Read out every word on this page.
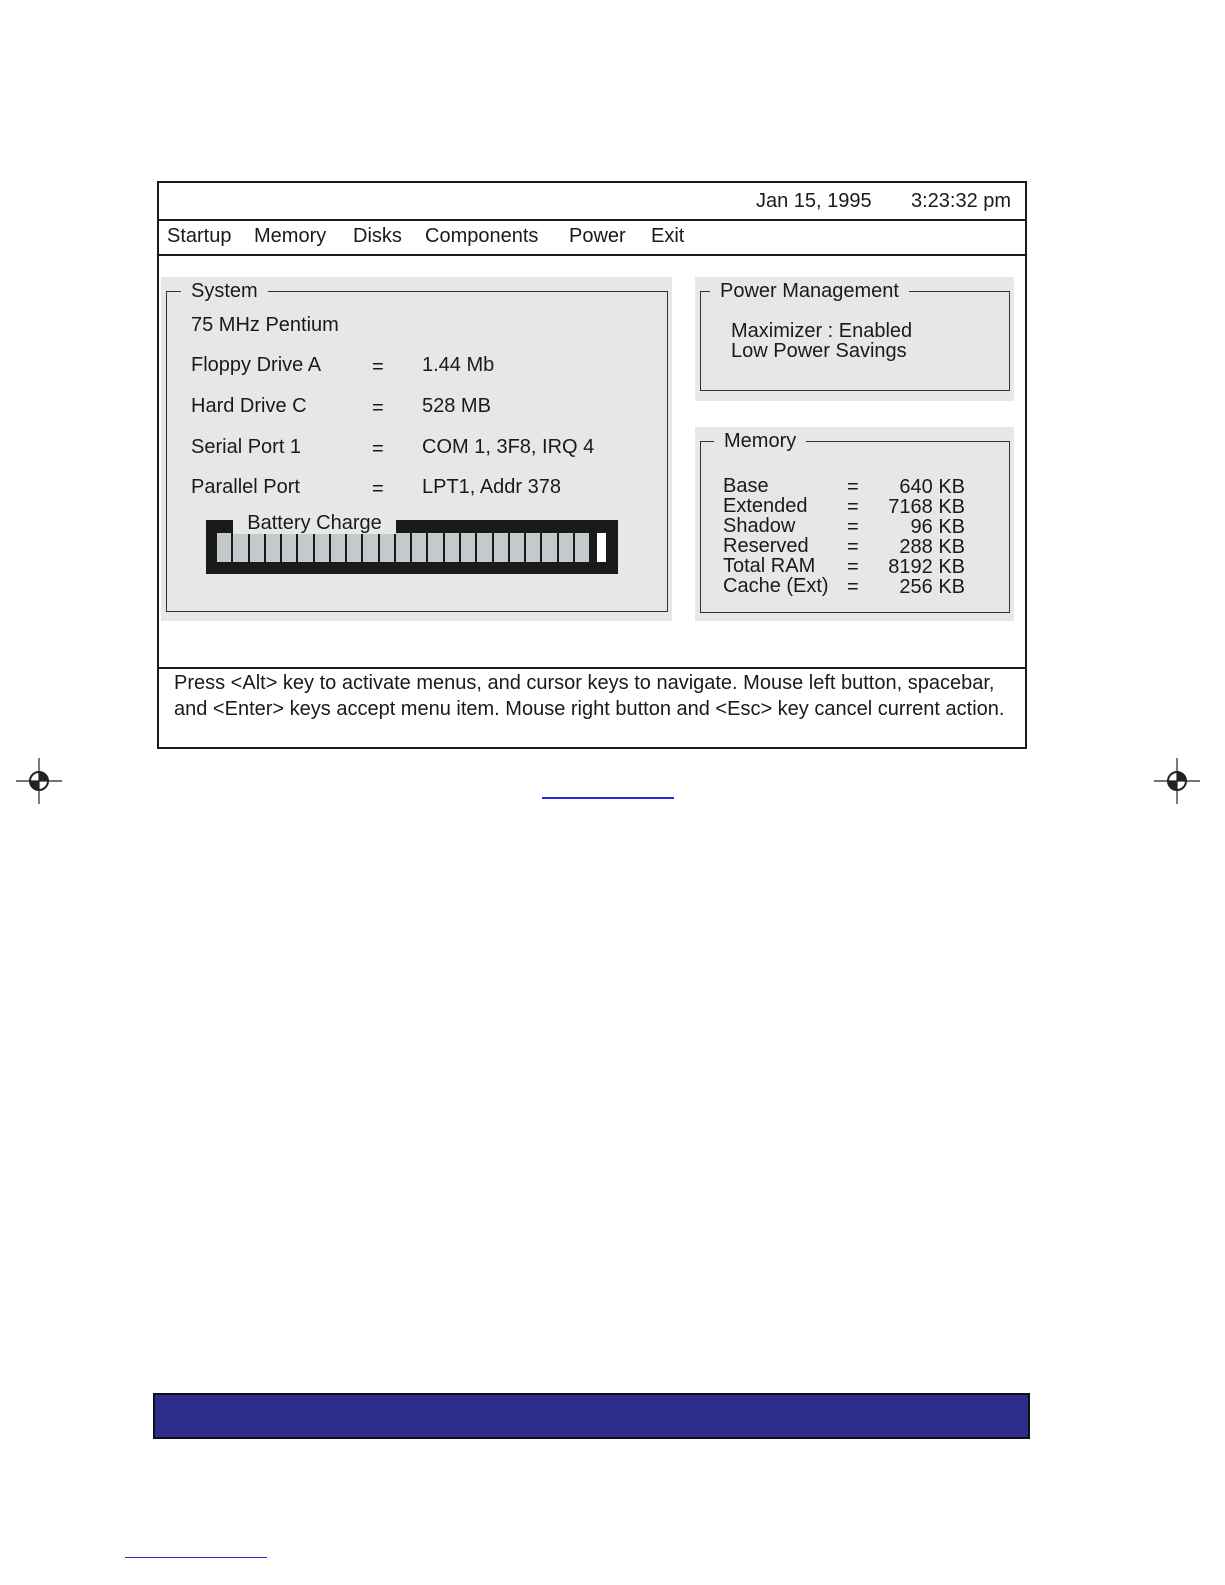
Jan 15, 1995 3:23:32 pm
Startup Memory Disks Components Power Exit
Press <Alt> key to activate menus, and cursor keys to navigate. Mouse left button, spacebar, and <Enter> keys accept menu item. Mouse right button and <Esc> key cancel current action.
System
75 MHz Pentium
Floppy Drive A	= 1.44 Mb
Hard Drive C	= 528 MB
Serial Port 1	= COM 1, 3F8, IRQ 4
Parallel Port	= LPT1, Addr 378
Battery Charge
Power Management
Maximizer : Enabled
Low Power Savings
Memory
Base	= 640 KB
Extended = 7168 KB
Shadow	=	96 KB
Reserved = 288 KB
Total RAM = 8192 KB
Cache (Ext) = 256 KB
